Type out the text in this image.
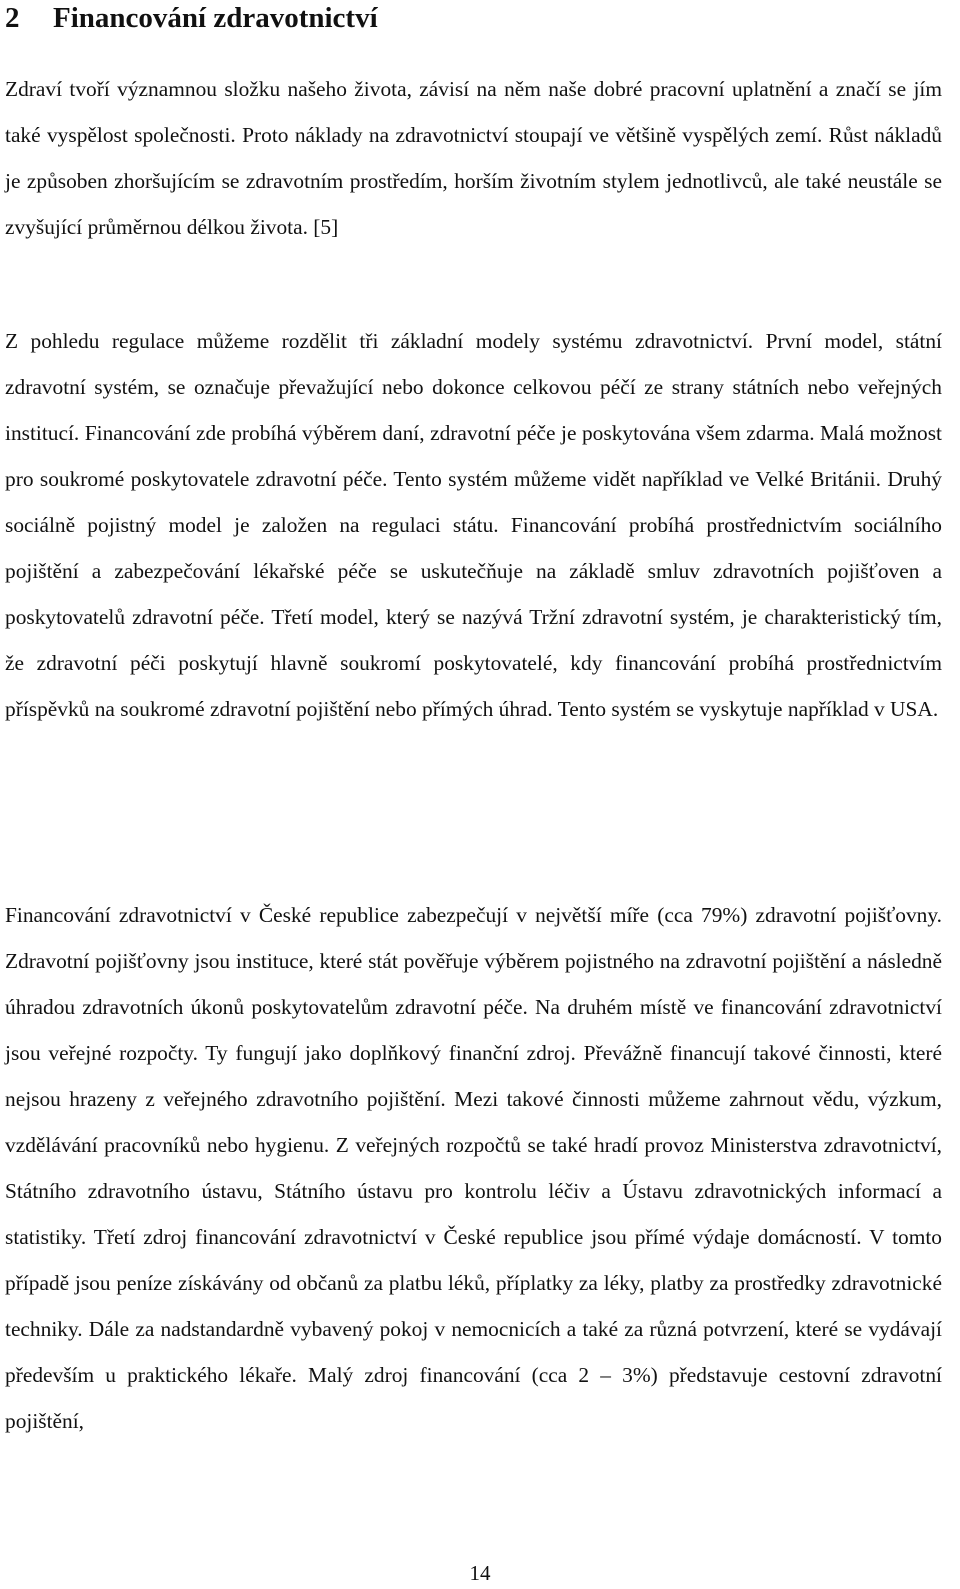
2 Financování zdravotnictví

Zdraví tvoří významnou složku našeho života, závisí na něm naše dobré pracovní uplatnění a značí se jím také vyspělost společnosti. Proto náklady na zdravotnictví stoupají ve většině vyspělých zemí. Růst nákladů je způsoben zhoršujícím se zdravotním prostředím, horším životním stylem jednotlivců, ale také neustále se zvyšující průměrnou délkou života. [5]

Z pohledu regulace můžeme rozdělit tři základní modely systému zdravotnictví. První model, státní zdravotní systém, se označuje převažující nebo dokonce celkovou péčí ze strany státních nebo veřejných institucí. Financování zde probíhá výběrem daní, zdravotní péče je poskytována všem zdarma. Malá možnost pro soukromé poskytovatele zdravotní péče. Tento systém můžeme vidět například ve Velké Británii. Druhý sociálně pojistný model je založen na regulaci státu. Financování probíhá prostřednictvím sociálního pojištění a zabezpečování lékařské péče se uskutečňuje na základě smluv zdravotních pojišťoven a poskytovatelů zdravotní péče. Třetí model, který se nazývá Tržní zdravotní systém, je charakteristický tím, že zdravotní péči poskytují hlavně soukromí poskytovatelé, kdy financování probíhá prostřednictvím příspěvků na soukromé zdravotní pojištění nebo přímých úhrad. Tento systém se vyskytuje například v USA.

Financování zdravotnictví v České republice zabezpečují v největší míře (cca 79%) zdravotní pojišťovny. Zdravotní pojišťovny jsou instituce, které stát pověřuje výběrem pojistného na zdravotní pojištění a následně úhradou zdravotních úkonů poskytovatelům zdravotní péče. Na druhém místě ve financování zdravotnictví jsou veřejné rozpočty. Ty fungují jako doplňkový finanční zdroj. Převážně financují takové činnosti, které nejsou hrazeny z veřejného zdravotního pojištění. Mezi takové činnosti můžeme zahrnout vědu, výzkum, vzdělávání pracovníků nebo hygienu. Z veřejných rozpočtů se také hradí provoz Ministerstva zdravotnictví, Státního zdravotního ústavu, Státního ústavu pro kontrolu léčiv a Ústavu zdravotnických informací a statistiky. Třetí zdroj financování zdravotnictví v České republice jsou přímé výdaje domácností. V tomto případě jsou peníze získávány od občanů za platbu léků, příplatky za léky, platby za prostředky zdravotnické techniky. Dále za nadstandardně vybavený pokoj v nemocnicích a také za různá potvrzení, které se vydávají především u praktického lékaře. Malý zdroj financování (cca 2 – 3%) představuje cestovní zdravotní pojištění,

14
